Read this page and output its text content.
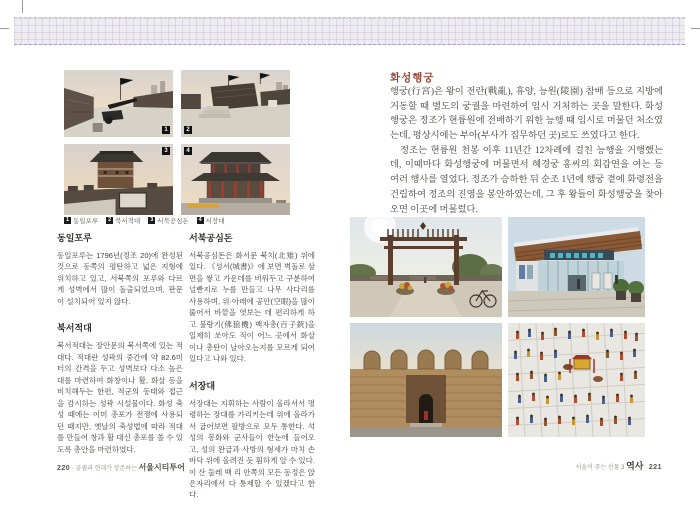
1	2
3	4
1 동일포루	2 북서적대	3 서북공심돈	4 서장대
동일포루

동일포루는 1796년(정조 20)에 완성된 것으로 동쪽의 평탄하고 넓은 지형에 위치하고 있고, 서북쪽의 포루와 다르게 성벽에서 많이 돌출되었으며, 판문이 설치되어 있지 않다.

북서적대

북서적대는 장안문의 북서쪽에 있는 적대다. 적대란 성곽의 중간에 약 82.6미터의 간격을 두고 성벽보다 다소 높은 대를 마련하여 화창이나 활, 화살 등을 비치해두는 한편, 적군의 동태와 접근을 감시하는 성곽 시설물이다. 화성 축성 때에는 이미 총포가 전쟁에 사용되던 때지만, 옛날의 축성법에 따라 적대를 만들어 창과 활 대신 총포를 쏠 수 있도록 총안을 마련하였다.

서북공심돈

서북공심돈은 화서문 북치(北雉) 위에 있다. 《성서(城書)》에 보면 벽돌로 삼면을 쌓고 가운데를 비워두고 구분하여 널빤지로 누를 만들고 나무 사다리를 사용하며, 위·아래에 공안(空眼)을 많이 뚫어서 바깥을 엿보는 데 편리하게 하고 불랑기(佛狼機) 백자총(百子銃)을 일제히 쏘아도 적이 어느 곳에서 화살이나 총탄이 날아오는지를 모르게 되어 있다고 나와 있다.

서장대

서장대는 지휘하는 사람이 올라서서 명령하는 장대를 가리키는데 위에 올라가서 굽어보면 팔방으로 모두 통한다. 석성의 봉화와 군사들이 한눈에 들어오고, 성의 완급과 사방의 형세가 마치 손바닥 위에 올려진 듯 훤하게 알 수 있다. 이 산 둘레 백 리 안쪽의 모든 동정은 앉은자리에서 다 통제할 수 있겠다고 한다.

220 · 궁궐과 현대가 상존하는 서울시티투어
화성행궁

행궁(行宮)은 왕이 전란(戰亂), 휴양, 능원(陵園) 참배 등으로 지방에 거동할 때 별도의 궁궐을 마련하여 임시 거처하는 곳을 말한다. 화성행궁은 정조가 현륭원에 전배하기 위한 능행 때 임시로 머물던 처소였는데, 평상시에는 부아(부사가 집무하던 곳)로도 쓰였다고 한다.

정조는 현륭원 천봉 이후 11년간 12차례에 걸친 능행을 거행했는데, 이때마다 화성행궁에 머물면서 혜경궁 홍씨의 회갑연을 여는 등 여러 행사를 열었다. 정조가 승하한 뒤 순조 1년에 행궁 곁에 화령전을 건립하여 정조의 진영을 봉안하였는데, 그 후 왕들이 화성행궁을 찾아오면 이곳에 머물렀다.

서울이 주는 선물 3 역사 · 221
